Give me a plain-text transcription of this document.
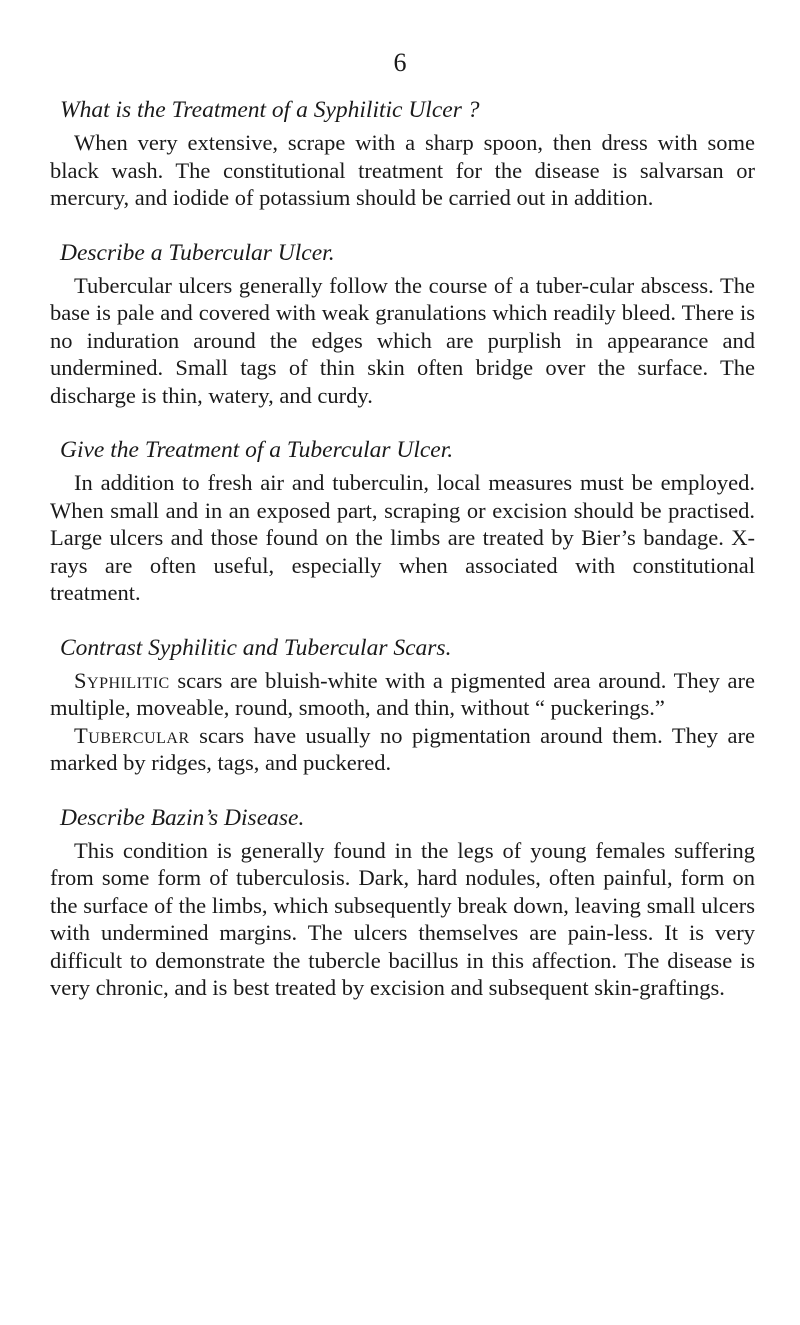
6
What is the Treatment of a Syphilitic Ulcer ?

When very extensive, scrape with a sharp spoon, then dress with some black wash. The constitutional treatment for the disease is salvarsan or mercury, and iodide of potassium should be carried out in addition.

Describe a Tubercular Ulcer.

Tubercular ulcers generally follow the course of a tuber-cular abscess. The base is pale and covered with weak granulations which readily bleed. There is no induration around the edges which are purplish in appearance and undermined. Small tags of thin skin often bridge over the surface. The discharge is thin, watery, and curdy.

Give the Treatment of a Tubercular Ulcer.

In addition to fresh air and tuberculin, local measures must be employed. When small and in an exposed part, scraping or excision should be practised. Large ulcers and those found on the limbs are treated by Bier’s bandage. X-rays are often useful, especially when associated with constitutional treatment.

Contrast Syphilitic and Tubercular Scars.

Syphilitic scars are bluish-white with a pigmented area around. They are multiple, moveable, round, smooth, and thin, without “ puckerings.”

Tubercular scars have usually no pigmentation around them. They are marked by ridges, tags, and puckered.

Describe Bazin’s Disease.

This condition is generally found in the legs of young females suffering from some form of tuberculosis. Dark, hard nodules, often painful, form on the surface of the limbs, which subsequently break down, leaving small ulcers with undermined margins. The ulcers themselves are pain-less. It is very difficult to demonstrate the tubercle bacillus in this affection. The disease is very chronic, and is best treated by excision and subsequent skin-graftings.
